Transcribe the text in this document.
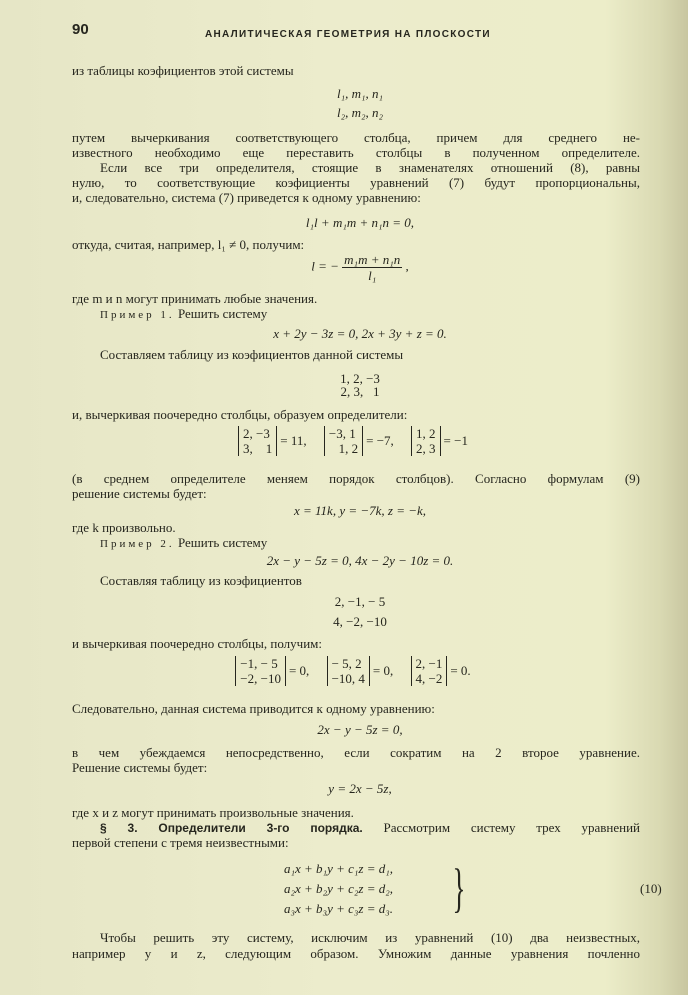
90	АНАЛИТИЧЕСКАЯ ГЕОМЕТРИЯ НА ПЛОСКОСТИ
из таблицы коэфициентов этой системы
l₁, m₁, n₁
l₂, m₂, n₂
путем вычеркивания соответствующего столбца, причем для среднего не-
известного необходимо еще переставить столбцы в полученном определителе.
Если все три определителя, стоящие в знаменателях отношений (8), равны
нулю, то соответствующие коэфициенты уравнений (7) будут пропорциональны,
и, следовательно, система (7) приведется к одному уравнению:
l₁l + m₁m + n₁n = 0,
откуда, считая, например, l₁ ≠ 0, получим:
l = − $\frac{\text{m₁m + n₁n}}{\text{l₁}}$ ,
где m и n могут принимать любые значения.
Пример 1. Решить систему
x + 2y − 3z = 0, 2x + 3y + z = 0.
Составляем таблицу из коэфициентов данной системы
1, 2, −3
2, 3,   1
и, вычеркивая поочередно столбцы, образуем определители:
2, −3
3,    1
= 11, −3, 1
1, 2
= −7, 1, 2
2, 3
= −1
(в среднем определителе меняем порядок столбцов). Согласно формулам (9)
решение системы будет:
x = 11k, y = −7k, z = −k,
где k произвольно.
Пример 2. Решить систему
2x − y − 5z = 0, 4x − 2y − 10z = 0.
Составляя таблицу из коэфициентов
2, −1, − 5
4, −2, −10
и вычеркивая поочередно столбцы, получим:
−1, − 5
−2, −10
= 0, − 5, 2
−10, 4
= 0, 2, −1
4, −2
= 0.
Следовательно, данная система приводится к одному уравнению:
2x − y − 5z = 0,
в чем убеждаемся непосредственно, если сократим на 2 второе уравнение.
Решение системы будет:
y = 2x − 5z,
где x и z могут принимать произвольные значения.
§ 3. Определители 3-го порядка. Рассмотрим систему трех уравнений
первой степени с тремя неизвестными:
a₁x + b₁y + c₁z = d₁,
a₂x + b₂y + c₂z = d₂,
a₃x + b₃y + c₃z = d₃. }	(10)
Чтобы решить эту систему, исключим из уравнений (10) два неизвестных,
например y и z, следующим образом. Умножим данные уравнения почленно
